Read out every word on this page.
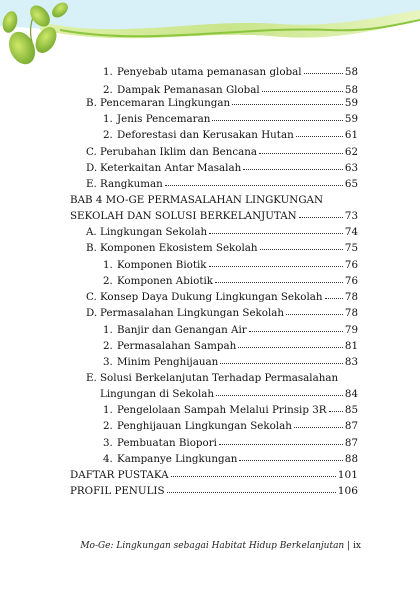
1. Penyebab utama pemanasan global	58
2. Dampak Pemanasan Global	58
B. Pencemaran Lingkungan	59
1. Jenis Pencemaran	59
2. Deforestasi dan Kerusakan Hutan	61
C. Perubahan Iklim dan Bencana	62
D. Keterkaitan Antar Masalah	63
E. Rangkuman	65
BAB 4 MO-GE PERMASALAHAN LINGKUNGAN
SEKOLAH DAN SOLUSI BERKELANJUTAN	73
A. Lingkungan Sekolah	74
B. Komponen Ekosistem Sekolah	75
1. Komponen Biotik	76
2. Komponen Abiotik	76
C. Konsep Daya Dukung Lingkungan Sekolah 78
D. Permasalahan Lingkungan Sekolah	78
1. Banjir dan Genangan Air	79
2. Permasalahan Sampah	81
3. Minim Penghijauan	83
E. Solusi Berkelanjutan Terhadap Permasalahan
Lingungan di Sekolah	84
1. Pengelolaan Sampah Melalui Prinsip 3R 85
2. Penghijauan Lingkungan Sekolah	87
3. Pembuatan Biopori	87
4. Kampanye Lingkungan	88
DAFTAR PUSTAKA	101
PROFIL PENULIS	106
Mo-Ge: Lingkungan sebagai Habitat Hidup Berkelanjutan | ix
